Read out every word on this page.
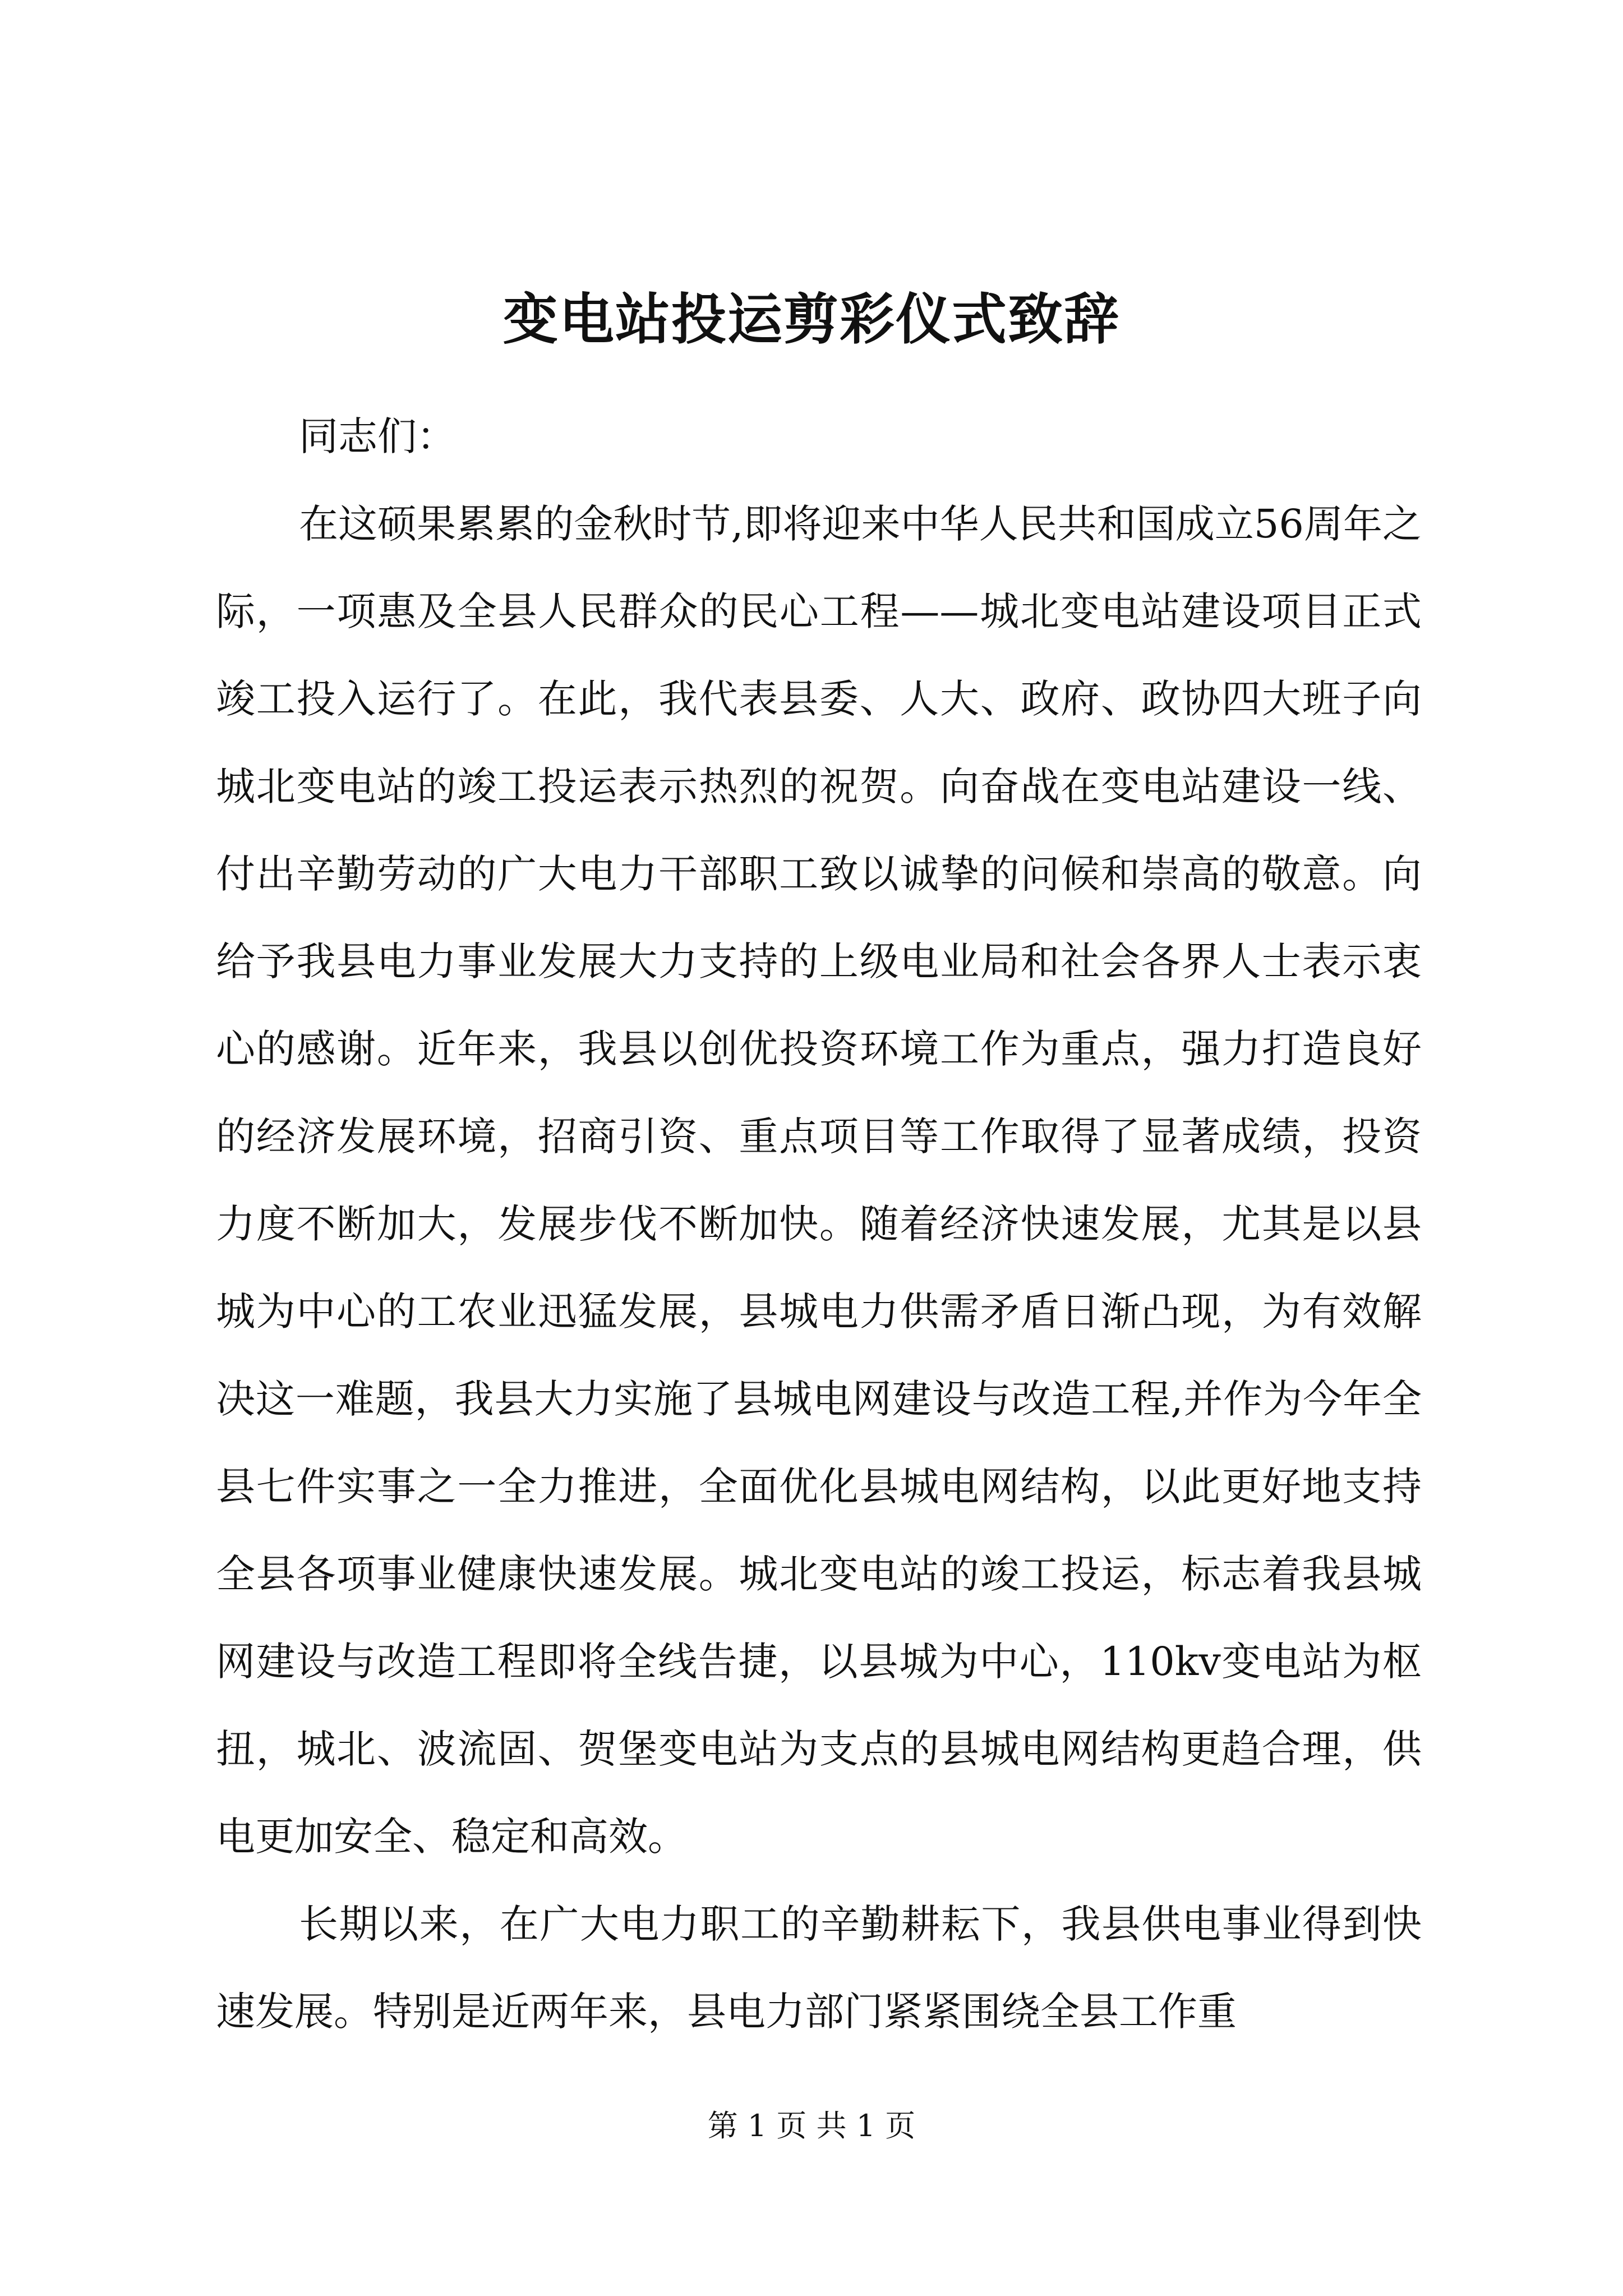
变电站投运剪彩仪式致辞

同志们：

在这硕果累累的金秋时节,即将迎来中华人民共和国成立56周年之际，一项惠及全县人民群众的民心工程——城北变电站建设项目正式竣工投入运行了。在此，我代表县委、人大、政府、政协四大班子向城北变电站的竣工投运表示热烈的祝贺。向奋战在变电站建设一线、付出辛勤劳动的广大电力干部职工致以诚挚的问候和崇高的敬意。向给予我县电力事业发展大力支持的上级电业局和社会各界人士表示衷心的感谢。近年来，我县以创优投资环境工作为重点，强力打造良好的经济发展环境，招商引资、重点项目等工作取得了显著成绩，投资力度不断加大，发展步伐不断加快。随着经济快速发展，尤其是以县城为中心的工农业迅猛发展，县城电力供需矛盾日渐凸现，为有效解决这一难题，我县大力实施了县城电网建设与改造工程,并作为今年全县七件实事之一全力推进，全面优化县城电网结构，以此更好地支持全县各项事业健康快速发展。城北变电站的竣工投运，标志着我县城网建设与改造工程即将全线告捷，以县城为中心，110kv变电站为枢扭，城北、波流固、贺堡变电站为支点的县城电网结构更趋合理，供电更加安全、稳定和高效。

长期以来，在广大电力职工的辛勤耕耘下，我县供电事业得到快速发展。特别是近两年来，县电力部门紧紧围绕全县工作重

第 1 页 共 1 页
